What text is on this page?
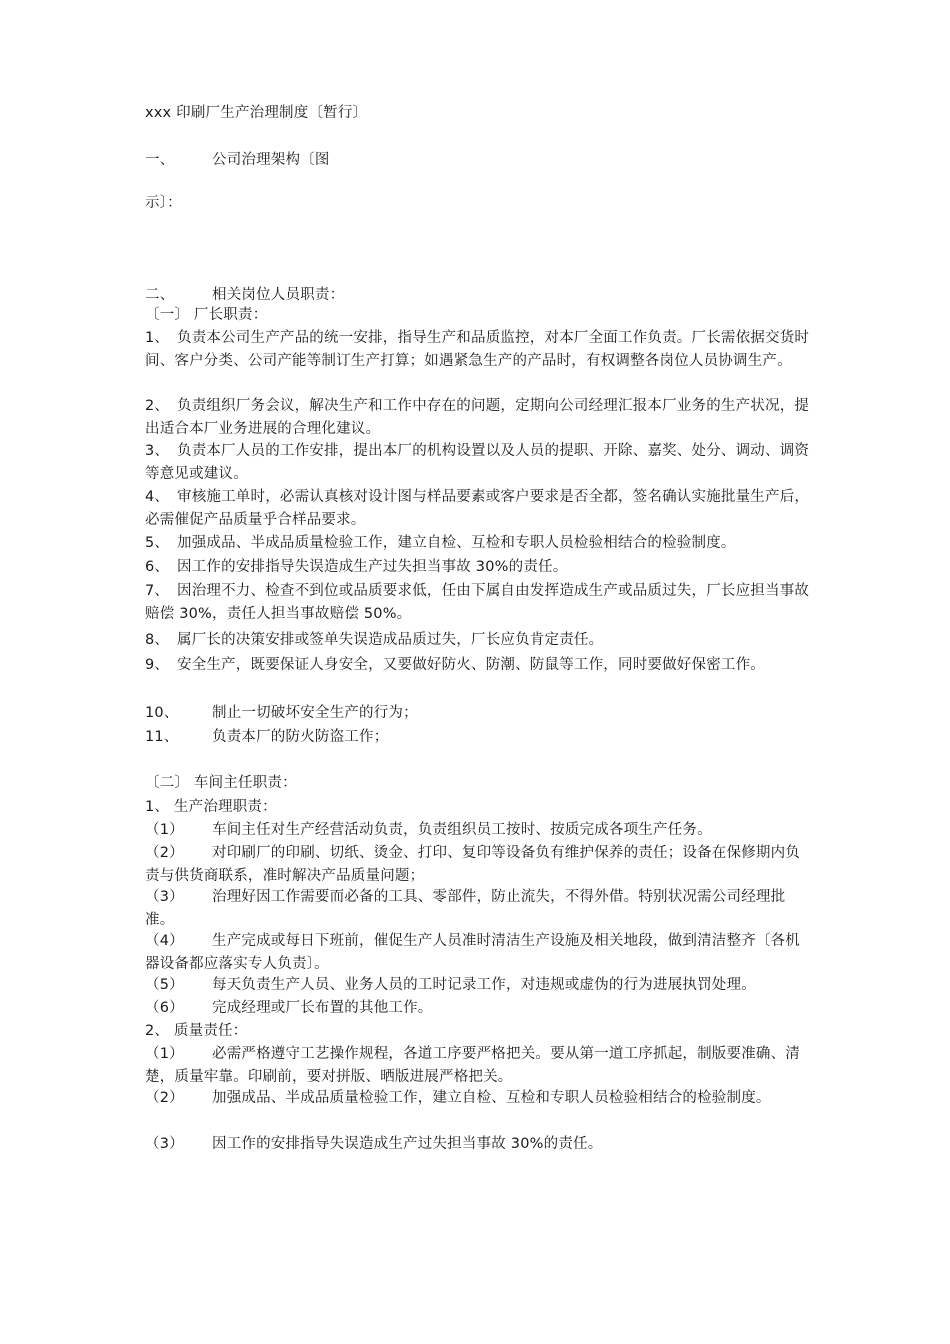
xxx 印刷厂生产治理制度〔暂行〕
一、	公司治理架构〔图
示〕：
二、	相关岗位人员职责：
〔一〕 厂长职责：
1、 负责本公司生产产品的统一安排，指导生产和品质监控，对本厂全面工作负责。厂长需依据交货时间、客户分类、公司产能等制订生产打算；如遇紧急生产的产品时，有权调整各岗位人员协调生产。
2、 负责组织厂务会议，解决生产和工作中存在的问题，定期向公司经理汇报本厂业务的生产状况，提出适合本厂业务进展的合理化建议。
3、 负责本厂人员的工作安排，提出本厂的机构设置以及人员的提职、开除、嘉奖、处分、调动、调资等意见或建议。
4、 审核施工单时，必需认真核对设计图与样品要素或客户要求是否全都，签名确认实施批量生产后，必需催促产品质量乎合样品要求。
5、 加强成品、半成品质量检验工作，建立自检、互检和专职人员检验相结合的检验制度。
6、 因工作的安排指导失误造成生产过失担当事故 30%的责任。
7、 因治理不力、检查不到位或品质要求低，任由下属自由发挥造成生产或品质过失，厂长应担当事故赔偿 30%，责任人担当事故赔偿 50%。
8、 属厂长的决策安排或签单失误造成品质过失，厂长应负肯定责任。
9、 安全生产，既要保证人身安全，又要做好防火、防潮、防鼠等工作，同时要做好保密工作。
10、 制止一切破坏安全生产的行为；
11、 负责本厂的防火防盗工作；
〔二〕 车间主任职责：
1、 生产治理职责：
（1） 车间主任对生产经营活动负责，负责组织员工按时、按质完成各项生产任务。
（2） 对印刷厂的印刷、切纸、烫金、打印、复印等设备负有维护保养的责任；设备在保修期内负责与供货商联系，准时解决产品质量问题；
（3） 治理好因工作需要而必备的工具、零部件，防止流失，不得外借。特别状况需公司经理批准。
（4） 生产完成或每日下班前，催促生产人员准时清洁生产设施及相关地段，做到清洁整齐〔各机器设备都应落实专人负责〕。
（5） 每天负责生产人员、业务人员的工时记录工作，对违规或虚伪的行为进展执罚处理。
（6） 完成经理或厂长布置的其他工作。
2、 质量责任：
（1） 必需严格遵守工艺操作规程，各道工序要严格把关。要从第一道工序抓起，制版要准确、清楚，质量牢靠。印刷前，要对拼版、晒版进展严格把关。
（2） 加强成品、半成品质量检验工作，建立自检、互检和专职人员检验相结合的检验制度。
（3） 因工作的安排指导失误造成生产过失担当事故 30%的责任。
